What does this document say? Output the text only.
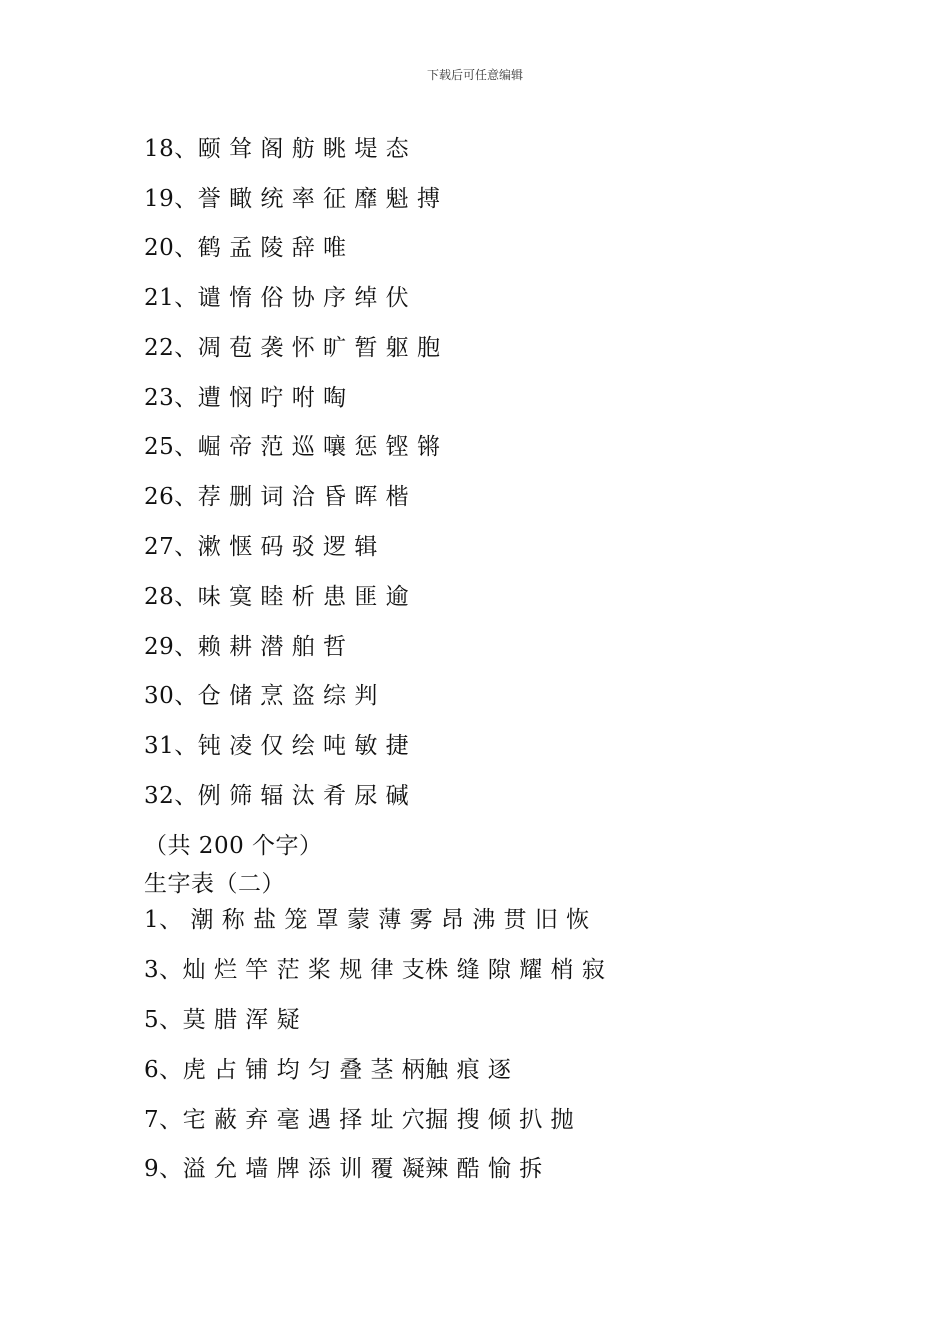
下载后可任意编辑
18、颐 耸 阁 舫 眺 堤 态
19、誉 瞰 统 率 征 靡 魁 搏
20、鹤 孟 陵 辞 唯
21、谴 惰 俗 协 序 绰 伏
22、凋 苞 袭 怀 旷 暂 躯 胞
23、遭 悯 咛 咐 啕
25、崛 帝 范 巡 嚷 惩 铿 锵
26、荐 删 词 洽 昏 晖 楷
27、漱 惬 码 驳 逻 辑
28、味 寞 睦 析 患 匪 逾
29、赖 耕 潜 舶 哲
30、仓 储 烹 盗 综 判
31、钝 凌 仅 绘 吨 敏 捷
32、例 筛 辐 汰 肴 尿 碱
（共 200 个字）
生字表（二）
1、 潮 称 盐 笼 罩 蒙 薄 雾 昂 沸 贯 旧 恢
3、灿 烂 竿 茫 桨 规 律 支株 缝 隙 耀 梢 寂
5、莫 腊 浑 疑
6、虎 占 铺 均 匀 叠 茎 柄触 痕 逐
7、宅 蔽 弃 毫 遇 择 址 穴掘 搜 倾 扒 抛
9、溢 允 墙 牌 添 训 覆 凝辣 酷 愉 拆
